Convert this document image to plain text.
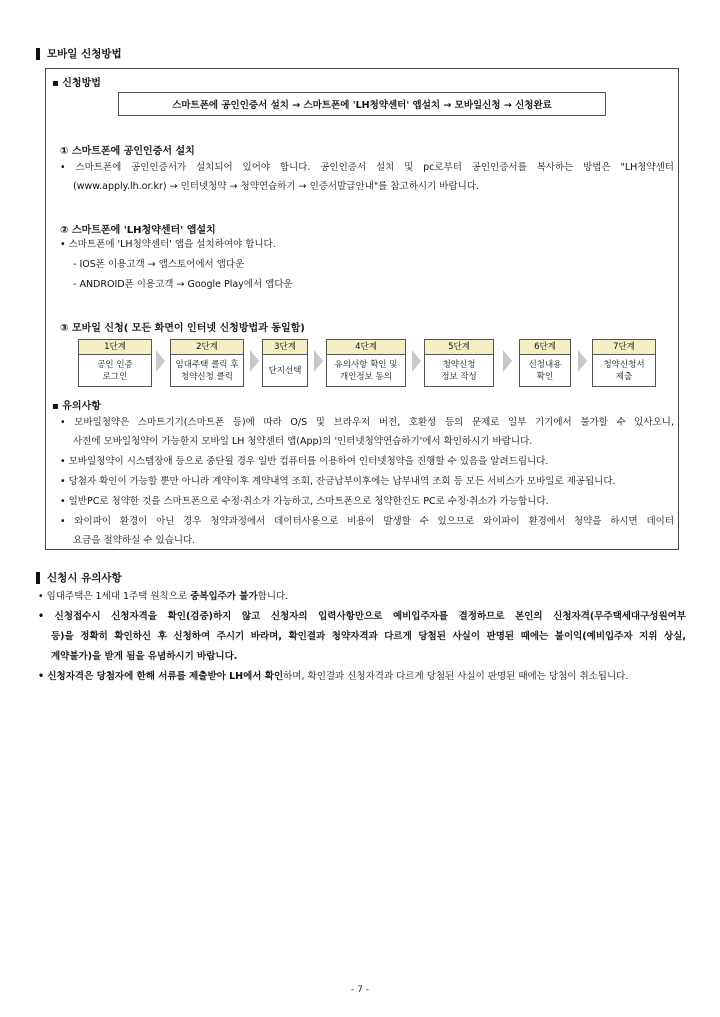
모바일 신청방법
▪ 신청방법
스마트폰에 공인인증서 설치 → 스마트폰에 'LH청약센터' 앱설치 → 모바일신청 → 신청완료
① 스마트폰에 공인인증서 설치
• 스마트폰에 공인인증서가 설치되어 있어야 합니다. 공인인증서 설치 및 pc로부터 공인인증서를 복사하는 방법은 "LH청약센터
(www.apply.lh.or.kr) → 인터넷청약 → 청약연습하기 → 인증서발급안내"를 참고하시기 바랍니다.
② 스마트폰에 'LH청약센터' 앱설치
• 스마트폰에 'LH청약센터' 앱을 설치하여야 합니다.
- IOS폰 이용고객 → 앱스토어에서 앱다운
- ANDROID폰 이용고객 → Google Play에서 앱다운
③ 모바일 신청( 모든 화면이 인터넷 신청방법과 동일함)
1단계
공인 인증
로그인
2단계
임대주택 클릭 후
청약신청 클릭
3단계
단지선택
4단계
유의사항 확인 및
개인정보 동의
5단계
청약신청
정보 작성
6단계
신청내용
확인
7단계
청약신청서
제출
▪ 유의사항
• 모바일청약은 스마트기기(스마트폰 등)에 따라 O/S 및 브라우저 버전, 호환성 등의 문제로 일부 기기에서 불가할 수 있사오니,
사전에 모바일청약이 가능한지 모바일 LH 청약센터 앱(App)의 '인터넷청약연습하기'에서 확인하시기 바랍니다.
• 모바일청약이 시스템장애 등으로 중단될 경우 일반 컴퓨터를 이용하여 인터넷청약을 진행할 수 있음을 알려드립니다.
• 당첨자 확인이 가능할 뿐만 아니라 계약이후 계약내역 조회, 잔금납부이후에는 납부내역 조회 등 모든 서비스가 모바일로 제공됩니다.
• 일반PC로 청약한 것을 스마트폰으로 수정·취소가 가능하고, 스마트폰으로 청약한건도 PC로 수정·취소가 가능합니다.
• 와이파이 환경이 아닌 경우 청약과정에서 데이터사용으로 비용이 발생할 수 있으므로 와이파이 환경에서 청약을 하시면 데이터
요금을 절약하실 수 있습니다.
신청시 유의사항
• 임대주택은 1세대 1주택 원칙으로 중복입주가 불가합니다.
• 신청접수시 신청자격을 확인(검증)하지 않고 신청자의 입력사항만으로 예비입주자를 결정하므로 본인의 신청자격(무주택세대구성원여부
등)을 정확히 확인하신 후 신청하여 주시기 바라며, 확인결과 청약자격과 다르게 당첨된 사실이 판명된 때에는 불이익(예비입주자 지위 상실,
계약불가)을 받게 됨을 유념하시기 바랍니다.
• 신청자격은 당첨자에 한해 서류를 제출받아 LH에서 확인하며, 확인결과 신청자격과 다르게 당첨된 사실이 판명된 때에는 당첨이 취소됩니다.
- 7 -
